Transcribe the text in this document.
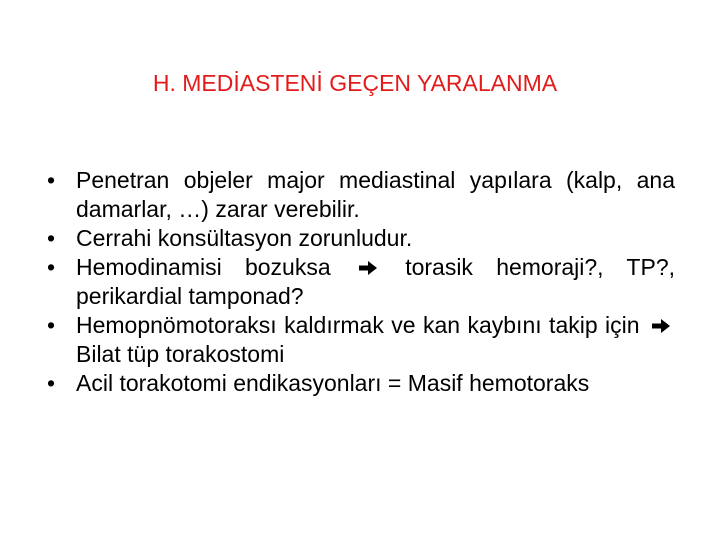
H. MEDİASTENİ GEÇEN YARALANMA
• Penetran objeler major mediastinal yapılara (kalp, ana damarlar, …) zarar verebilir.
• Cerrahi konsültasyon zorunludur.
• Hemodinamisi bozuksa	torasik hemoraji?, TP?, perikardial tamponad?
• Hemopnömotoraksı kaldırmak ve kan kaybını takip için  Bilat tüp torakostomi
• Acil torakotomi endikasyonları = Masif hemotoraks
